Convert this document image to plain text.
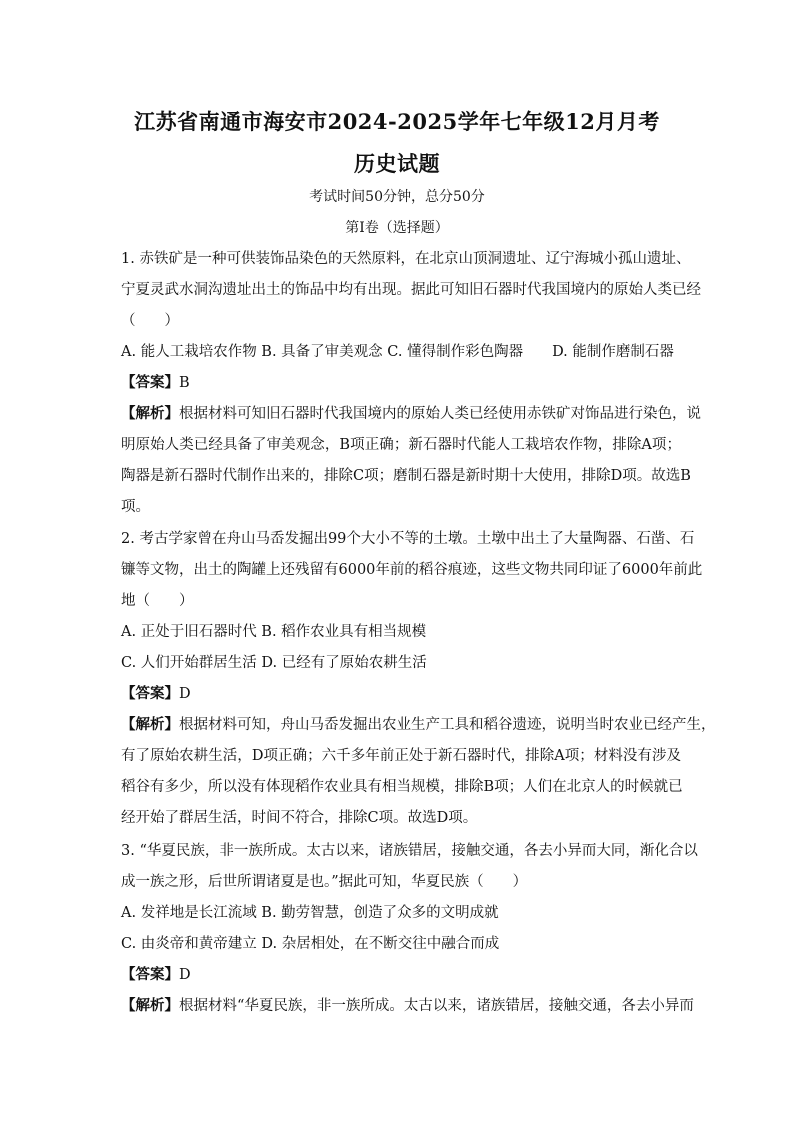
江苏省南通市海安市2024-2025学年七年级12月月考
历史试题
考试时间50分钟，总分50分
第Ⅰ卷（选择题）
1. 赤铁矿是一种可供装饰品染色的天然原料，在北京山顶洞遗址、辽宁海城小孤山遗址、
宁夏灵武水洞沟遗址出土的饰品中均有出现。据此可知旧石器时代我国境内的原始人类已经
（　　）
A. 能人工栽培农作物 B. 具备了审美观念 C. 懂得制作彩色陶器　　D. 能制作磨制石器
【答案】B
【解析】根据材料可知旧石器时代我国境内的原始人类已经使用赤铁矿对饰品进行染色，说
明原始人类已经具备了审美观念，B项正确；新石器时代能人工栽培农作物，排除A项；
陶器是新石器时代制作出来的，排除C项；磨制石器是新时期十大使用，排除D项。故选B
项。
2. 考古学家曾在舟山马岙发掘出99个大小不等的土墩。土墩中出土了大量陶器、石凿、石
镰等文物，出土的陶罐上还残留有6000年前的稻谷痕迹，这些文物共同印证了6000年前此
地（　　）
A. 正处于旧石器时代 B. 稻作农业具有相当规模
C. 人们开始群居生活 D. 已经有了原始农耕生活
【答案】D
【解析】根据材料可知，舟山马岙发掘出农业生产工具和稻谷遗迹，说明当时农业已经产生，
有了原始农耕生活，D项正确；六千多年前正处于新石器时代，排除A项；材料没有涉及
稻谷有多少，所以没有体现稻作农业具有相当规模，排除B项；人们在北京人的时候就已
经开始了群居生活，时间不符合，排除C项。故选D项。
3. “华夏民族，非一族所成。太古以来，诸族错居，接触交通，各去小异而大同，渐化合以
成一族之形，后世所谓诸夏是也。”据此可知，华夏民族（　　）
A. 发祥地是长江流域 B. 勤劳智慧，创造了众多的文明成就
C. 由炎帝和黄帝建立 D. 杂居相处，在不断交往中融合而成
【答案】D
【解析】根据材料“华夏民族，非一族所成。太古以来，诸族错居，接触交通，各去小异而
